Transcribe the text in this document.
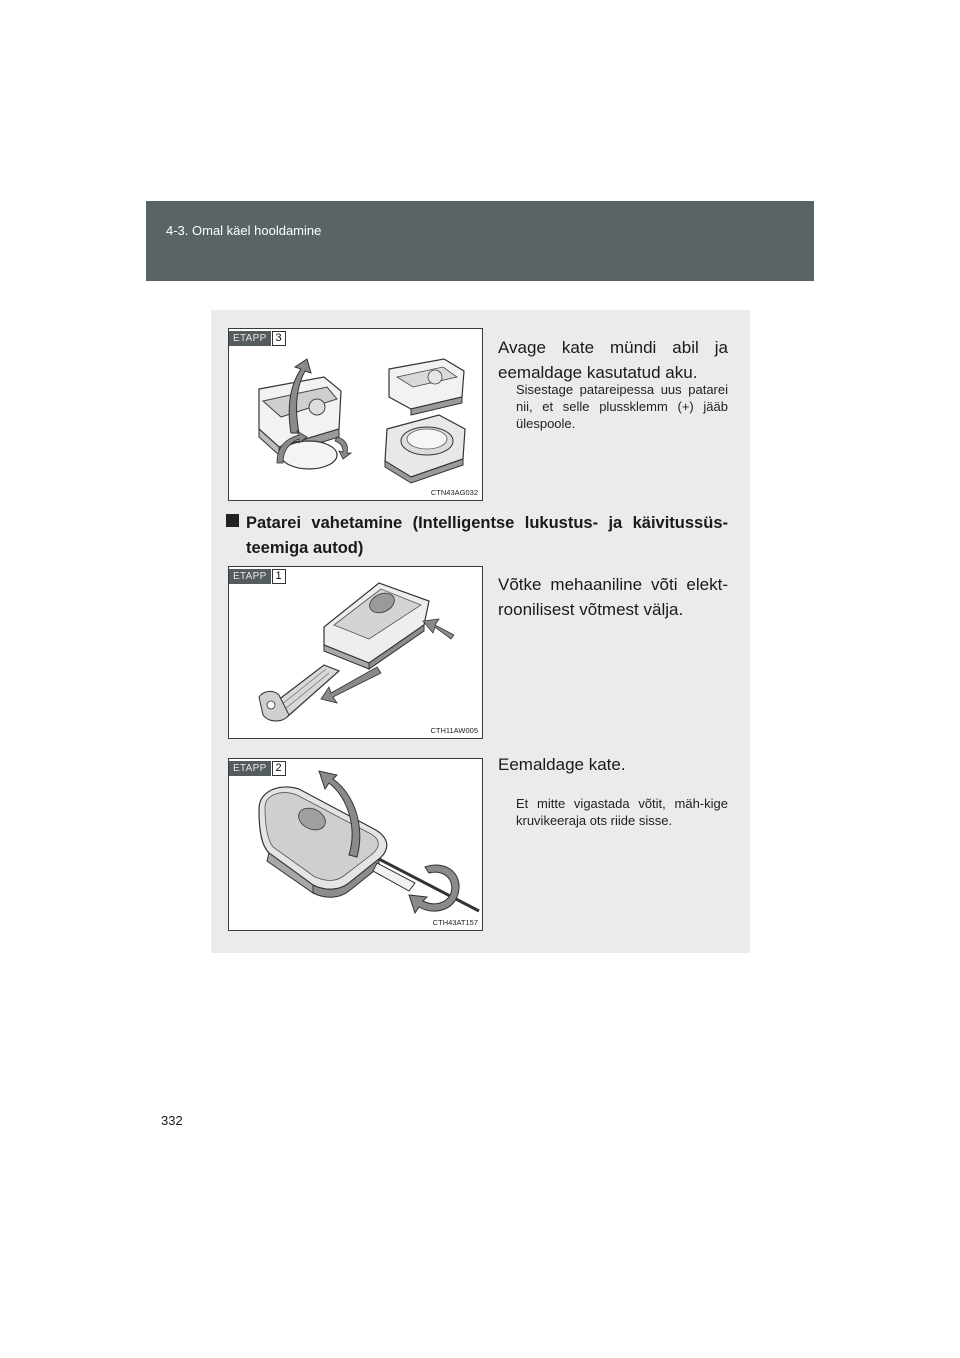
4-3. Omal käel hooldamine
ETAPP 3
CTN43AG032
Avage kate mündi abil ja eemaldage kasutatud aku.
Sisestage patareipessa uus patarei nii, et selle plussklemm (+) jääb ülespoole.
Patarei vahetamine (Intelligentse lukustus- ja käivitussüs-teemiga autod)
ETAPP 1
CTH11AW005
Võtke mehaaniline võti elekt-roonilisest võtmest välja.
ETAPP 2
CTH43AT157
Eemaldage kate.
Et mitte vigastada võtit, mäh-kige kruvikeeraja ots riide sisse.
332
